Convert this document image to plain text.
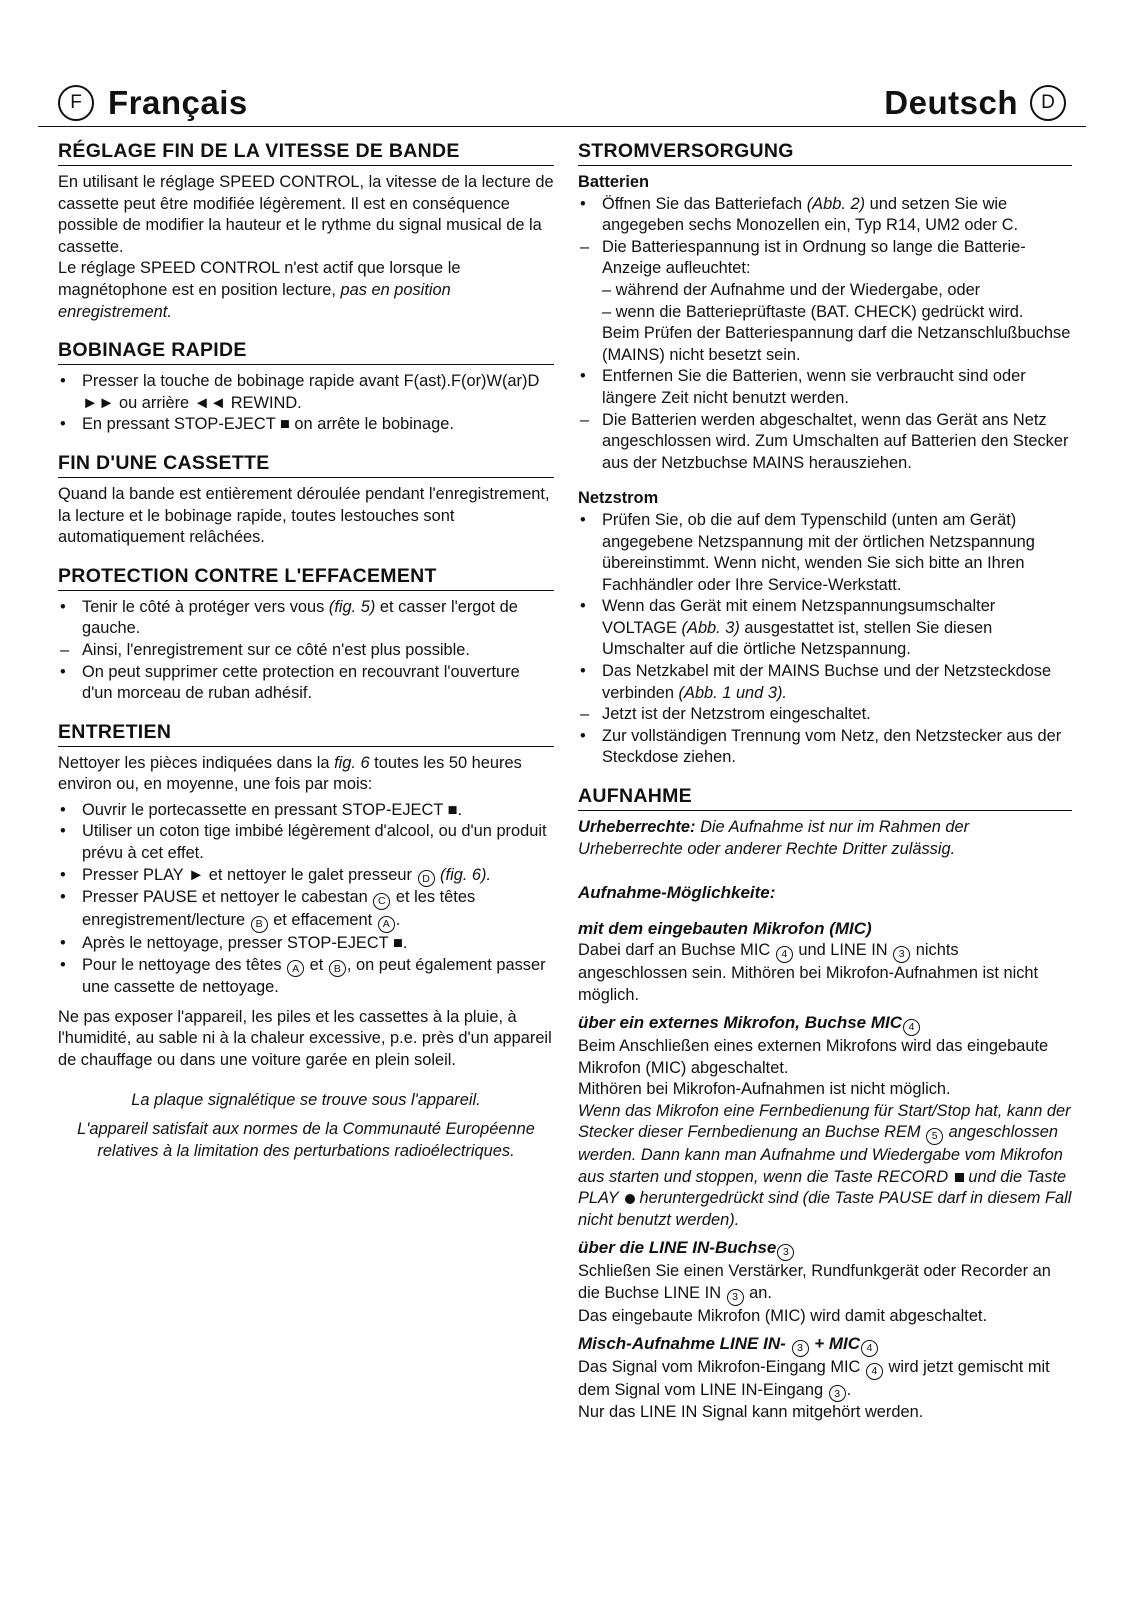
F Français	Deutsch	D
RÉGLAGE FIN DE LA VITESSE DE BANDE

En utilisant le réglage SPEED CONTROL, la vitesse de la lecture de cassette peut être modifiée légèrement. Il est en conséquence possible de modifier la hauteur et le rythme du signal musical de la cassette.

Le réglage SPEED CONTROL n'est actif que lorsque le magnétophone est en position lecture, pas en position enregistrement.

BOBINAGE RAPIDE
• Presser la touche de bobinage rapide avant F(ast).F(or)W(ar)D ►► ou arrière ◄◄ REWIND.
• En pressant STOP-EJECT ■ on arrête le bobinage.
FIN D'UNE CASSETTE

Quand la bande est entièrement déroulée pendant l'enregistrement, la lecture et le bobinage rapide, toutes lestouches sont automatiquement relâchées.

PROTECTION CONTRE L'EFFACEMENT
• Tenir le côté à protéger vers vous (fig. 5) et casser l'ergot de gauche.
– Ainsi, l'enregistrement sur ce côté n'est plus possible.
• On peut supprimer cette protection en recouvrant l'ouverture d'un morceau de ruban adhésif.
ENTRETIEN

Nettoyer les pièces indiquées dans la fig. 6 toutes les 50 heures environ ou, en moyenne, une fois par mois:

• Ouvrir le portecassette en pressant STOP-EJECT ■.
• Utiliser un coton tige imbibé légèrement d'alcool, ou d'un produit prévu à cet effet.
• Presser PLAY ► et nettoyer le galet presseur D (fig. 6).
• Presser PAUSE et nettoyer le cabestan C et les têtes enregistrement/lecture B et effacement A .
• Après le nettoyage, presser STOP-EJECT ■.
• Pour le nettoyage des têtes A et B , on peut également passer une cassette de nettoyage.

Ne pas exposer l'appareil, les piles et les cassettes à la pluie, à l'humidité, au sable ni à la chaleur excessive, p.e. près d'un appareil de chauffage ou dans une voiture garée en plein soleil.

La plaque signalétique se trouve sous l'appareil.

L'appareil satisfait aux normes de la Communauté Européenne relatives à la limitation des perturbations radioélectriques.

STROMVERSORGUNG
Batterien
• Öffnen Sie das Batteriefach (Abb. 2) und setzen Sie wie angegeben sechs Monozellen ein, Typ R14, UM2 oder C.
– Die Batteriespannung ist in Ordnung so lange die Batterie-Anzeige aufleuchtet:
– während der Aufnahme und der Wiedergabe, oder
– wenn die Batterieprüftaste (BAT. CHECK) gedrückt wird.
Beim Prüfen der Batteriespannung darf die Netzanschlußbuchse (MAINS) nicht besetzt sein.
• Entfernen Sie die Batterien, wenn sie verbraucht sind oder längere Zeit nicht benutzt werden.
– Die Batterien werden abgeschaltet, wenn das Gerät ans Netz angeschlossen wird. Zum Umschalten auf Batterien den Stecker aus der Netzbuchse MAINS herausziehen.
Netzstrom
• Prüfen Sie, ob die auf dem Typenschild (unten am Gerät) angegebene Netzspannung mit der örtlichen Netzspannung übereinstimmt. Wenn nicht, wenden Sie sich bitte an Ihren Fachhändler oder Ihre Service-Werkstatt.
• Wenn das Gerät mit einem Netzspannungsumschalter VOLTAGE (Abb. 3) ausgestattet ist, stellen Sie diesen Umschalter auf die örtliche Netzspannung.
• Das Netzkabel mit der MAINS Buchse und der Netzsteckdose verbinden (Abb. 1 und 3).
– Jetzt ist der Netzstrom eingeschaltet.
• Zur vollständigen Trennung vom Netz, den Netzstecker aus der Steckdose ziehen.
AUFNAHME

Urheberrechte: Die Aufnahme ist nur im Rahmen der Urheberrechte oder anderer Rechte Dritter zulässig.

Aufnahme-Möglichkeite:
mit dem eingebauten Mikrofon (MIC)

Dabei darf an Buchse MIC 4 und LINE IN 3 nichts angeschlossen sein. Mithören bei Mikrofon-Aufnahmen ist nicht möglich.

über ein externes Mikrofon, Buchse MIC 4

Beim Anschließen eines externen Mikrofons wird das eingebaute Mikrofon (MIC) abgeschaltet.

Mithören bei Mikrofon-Aufnahmen ist nicht möglich.

Wenn das Mikrofon eine Fernbedienung für Start/Stop hat, kann der Stecker dieser Fernbedienung an Buchse REM 5 angeschlossen werden. Dann kann man Aufnahme und Wiedergabe vom Mikrofon aus starten und stoppen, wenn die Taste RECORD  und die Taste PLAY  heruntergedrückt sind (die Taste PAUSE darf in diesem Fall nicht benutzt werden).

über die LINE IN-Buchse 3

Schließen Sie einen Verstärker, Rundfunkgerät oder Recorder an die Buchse LINE IN 3 an.

Das eingebaute Mikrofon (MIC) wird damit abgeschaltet.

Misch-Aufnahme LINE IN- 3 + MIC 4

Das Signal vom Mikrofon-Eingang MIC 4 wird jetzt gemischt mit dem Signal vom LINE IN-Eingang 3 .

Nur das LINE IN Signal kann mitgehört werden.
